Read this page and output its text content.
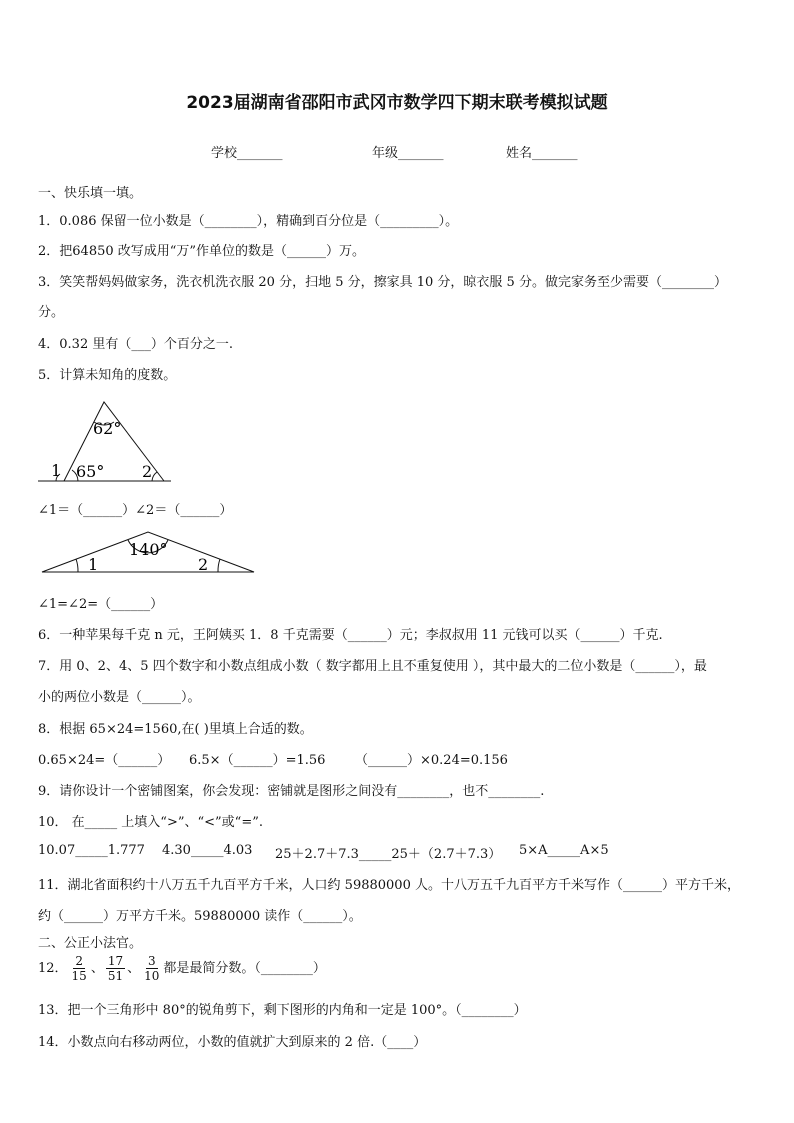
2023届湖南省邵阳市武冈市数学四下期末联考模拟试题
学校_______	年级_______	姓名_______
一、快乐填一填。
1．0.086 保留一位小数是（________），精确到百分位是（_________）。
2．把64850 改写成用“万”作单位的数是（______）万。
3．笑笑帮妈妈做家务，洗衣机洗衣服 20 分，扫地 5 分，擦家具 10 分，晾衣服 5 分。做完家务至少需要（________）
分。
4．0.32 里有（___）个百分之一.
5．计算未知角的度数。
62°
65°
1	2
∠1＝（______）∠2＝（______）
140°
1	2
∠1=∠2=（______）
6．一种苹果每千克 n 元，王阿姨买 1．8 千克需要（______）元；李叔叔用 11 元钱可以买（______）千克.
7．用 0、2、4、5 四个数字和小数点组成小数（ 数字都用上且不重复使用 ），其中最大的二位小数是（______），最
小的两位小数是（______）。
8．根据 65×24=1560,在( )里填上合适的数。
0.65×24=（______） 6.5×（______）=1.56 （______）×0.24=0.156
9．请你设计一个密铺图案，你会发现：密铺就是图形之间没有________，也不________.
10． 在_____ 上填入“>”、“<”或“=”.
10.07_____1.777 4.30_____4.03 25＋2.7＋7.3_____25＋（2.7＋7.3） 5×A_____A×5
11．湖北省面积约十八万五千九百平方千米，人口约 59880000 人。十八万五千九百平方千米写作（______）平方千米，
约（______）万平方千米。59880000 读作（______）。
二、公正小法官。
12． $\frac{2}{15}$ 、 $\frac{17}{51}$ 、 $\frac{3}{10}$ 都是最简分数。（________）
13．把一个三角形中 80°的锐角剪下，剩下图形的内角和一定是 100°。（________）
14．小数点向右移动两位，小数的值就扩大到原来的 2 倍.（____）
